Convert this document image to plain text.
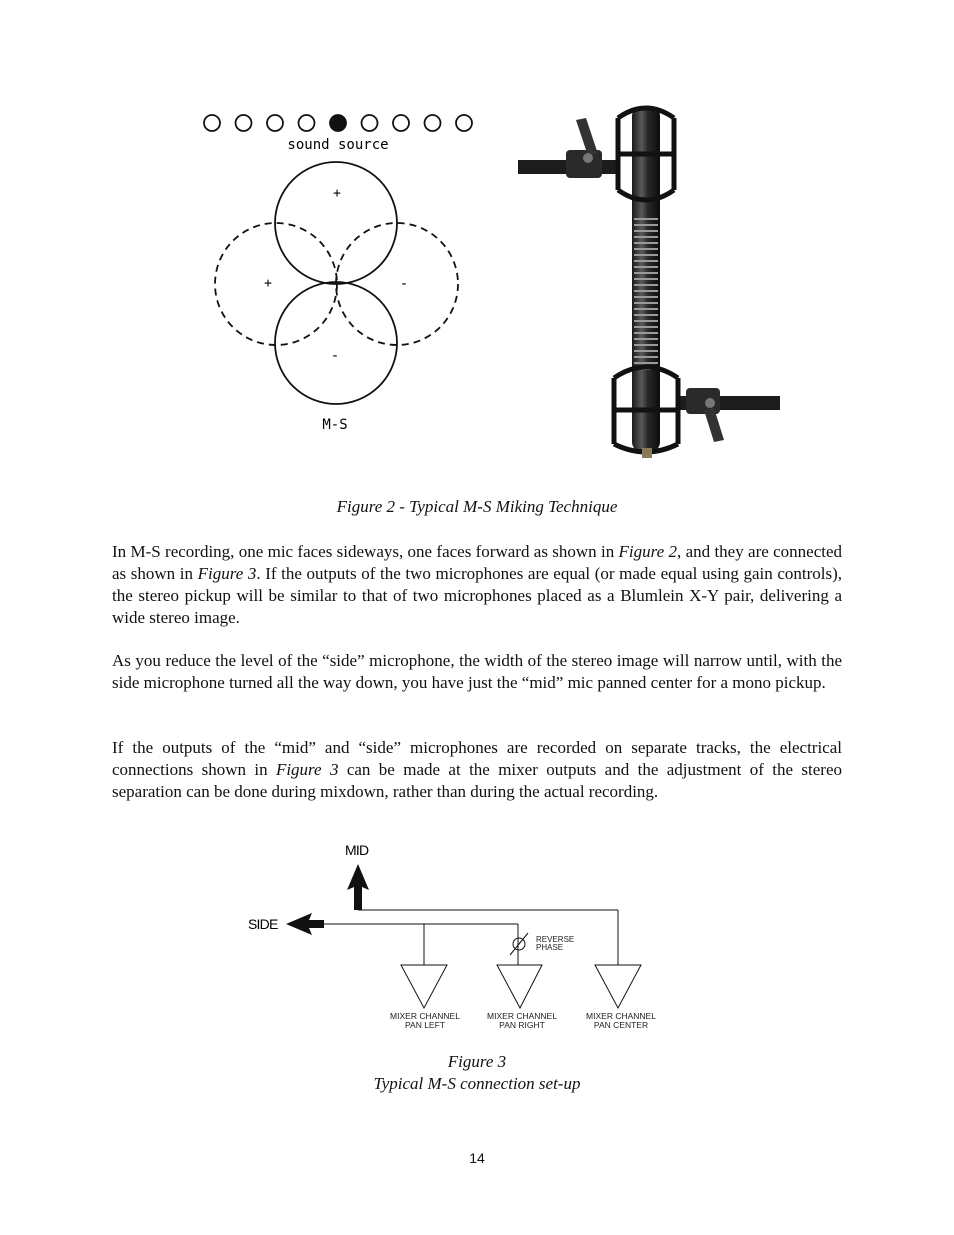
sound source
+
-
+	-
M-S
Figure 2 - Typical M-S Miking Technique

In M-S recording, one mic faces sideways, one faces forward as shown in Figure 2, and they are connected as shown in Figure 3. If the outputs of the two microphones are equal (or made equal using gain controls), the stereo pickup will be similar to that of two microphones placed as a Blumlein X-Y pair, delivering a wide stereo image.

As you reduce the level of the “side” microphone, the width of the stereo image will narrow until, with the side microphone turned all the way down, you have just the “mid” mic panned center for a mono pickup.

If the outputs of the “mid” and “side” microphones are recorded on separate tracks, the electrical connections shown in Figure 3 can be made at the mixer outputs and the adjustment of the stereo separation can be done during mixdown, rather than during the actual recording.

MID
SIDE
REVERSE
PHASE
MIXER CHANNEL
PAN LEFT
MIXER CHANNEL
PAN RIGHT
MIXER CHANNEL
PAN CENTER
Figure 3
Typical M-S connection set-up
14
